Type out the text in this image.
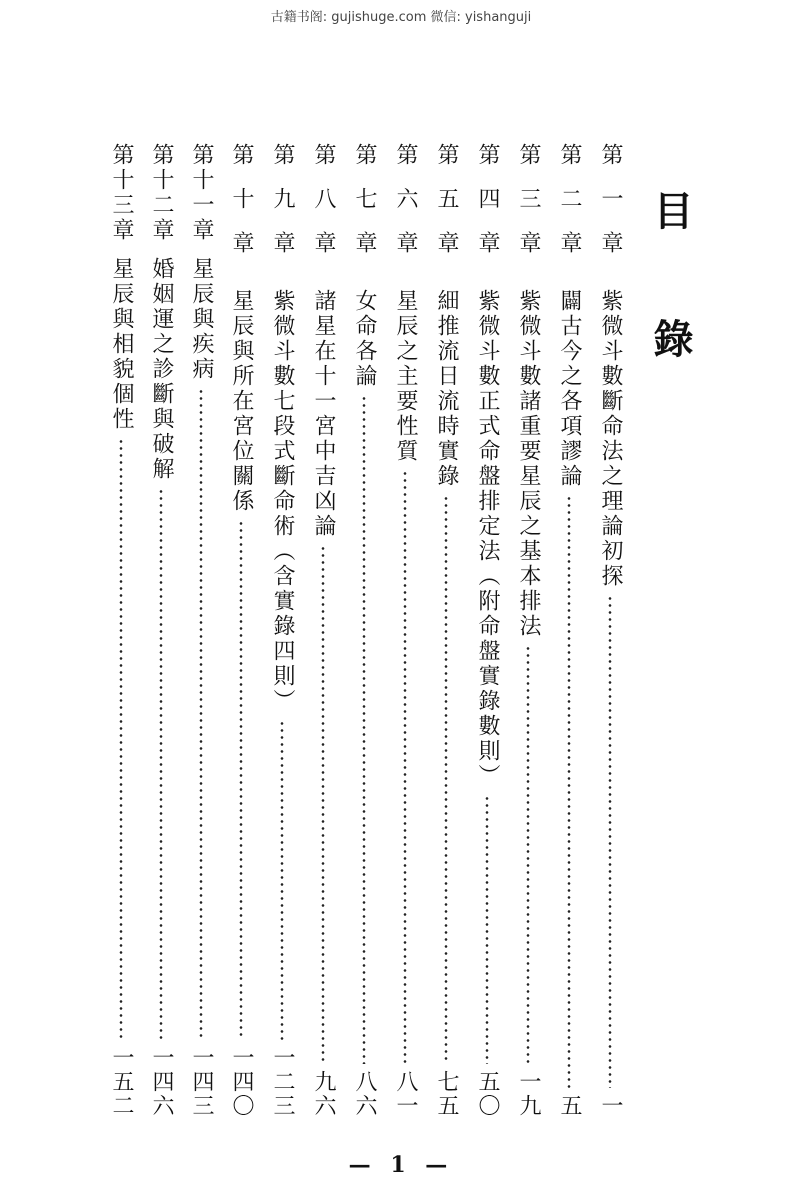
古籍书阁: gujishuge.com 微信: yishanguji
目錄
第一章
紫微斗數斷命法之理論初探
一
第二章
闢古今之各項謬論
五
第三章
紫微斗數諸重要星辰之基本排法
一九
第四章
紫微斗數正式命盤排定法（附命盤實錄數則）
五〇
第五章
細推流日流時實錄
七五
第六章
星辰之主要性質
八一
第七章
女命各論
八六
第八章
諸星在十一宮中吉凶論
九六
第九章
紫微斗數七段式斷命術（含實錄四則）
一二三
第十章
星辰與所在宮位關係
一四〇
第十一章
星辰與疾病
一四三
第十二章
婚姻運之診斷與破解
一四六
第十三章
星辰與相貌個性
一五二
— 1 —
